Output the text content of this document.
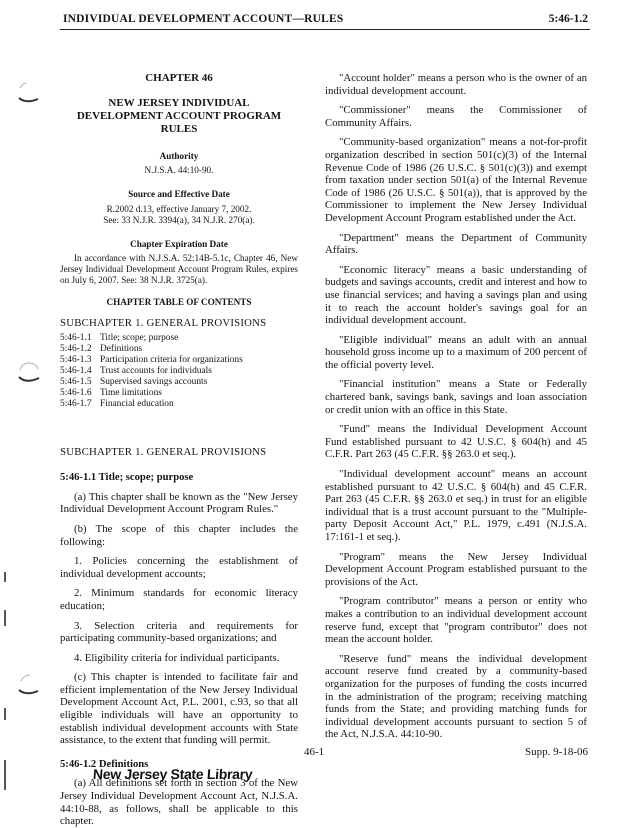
INDIVIDUAL DEVELOPMENT ACCOUNT—RULES	5:46-1.2

CHAPTER 46

NEW JERSEY INDIVIDUAL DEVELOPMENT ACCOUNT PROGRAM RULES

Authority

N.J.S.A. 44:10-90.

Source and Effective Date

R.2002 d.13, effective January 7, 2002.

See: 33 N.J.R. 3394(a), 34 N.J.R. 270(a).

Chapter Expiration Date

In accordance with N.J.S.A. 52:14B-5.1c, Chapter 46, New Jersey Individual Development Account Program Rules, expires on July 6, 2007. See: 38 N.J.R. 3725(a).

CHAPTER TABLE OF CONTENTS

SUBCHAPTER 1. GENERAL PROVISIONS

5:46-1.1 Title; scope; purpose
5:46-1.2 Definitions
5:46-1.3 Participation criteria for organizations
5:46-1.4 Trust accounts for individuals
5:46-1.5 Supervised savings accounts
5:46-1.6 Time limitations
5:46-1.7 Financial education

SUBCHAPTER 1. GENERAL PROVISIONS

5:46-1.1 Title; scope; purpose

(a) This chapter shall be known as the "New Jersey Individual Development Account Program Rules."

(b) The scope of this chapter includes the following:

1. Policies concerning the establishment of individual development accounts;

2. Minimum standards for economic literacy education;

3. Selection criteria and requirements for participating community-based organizations; and

4. Eligibility criteria for individual participants.

(c) This chapter is intended to facilitate fair and efficient implementation of the New Jersey Individual Development Account Act, P.L. 2001, c.93, so that all eligible individuals will have an opportunity to establish individual development accounts with State assistance, to the extent that funding will permit.

5:46-1.2 Definitions

(a) All definitions set forth in section 3 of the New Jersey Individual Development Account Act, N.J.S.A. 44:10-88, as follows, shall be applicable to this chapter.

"Account holder" means a person who is the owner of an individual development account.

"Commissioner" means the Commissioner of Community Affairs.

"Community-based organization" means a not-for-profit organization described in section 501(c)(3) of the Internal Revenue Code of 1986 (26 U.S.C. § 501(c)(3)) and exempt from taxation under section 501(a) of the Internal Revenue Code of 1986 (26 U.S.C. § 501(a)), that is approved by the Commissioner to implement the New Jersey Individual Development Account Program established under the Act.

"Department" means the Department of Community Affairs.

"Economic literacy" means a basic understanding of budgets and savings accounts, credit and interest and how to use financial services; and having a savings plan and using it to reach the account holder's savings goal for an individual development account.

"Eligible individual" means an adult with an annual household gross income up to a maximum of 200 percent of the official poverty level.

"Financial institution" means a State or Federally chartered bank, savings bank, savings and loan association or credit union with an office in this State.

"Fund" means the Individual Development Account Fund established pursuant to 42 U.S.C. § 604(h) and 45 C.F.R. Part 263 (45 C.F.R. §§ 263.0 et seq.).

"Individual development account" means an account established pursuant to 42 U.S.C. § 604(h) and 45 C.F.R. Part 263 (45 C.F.R. §§ 263.0 et seq.) in trust for an eligible individual that is a trust account pursuant to the "Multiple-party Deposit Account Act," P.L. 1979, c.491 (N.J.S.A. 17:161-1 et seq.).

"Program" means the New Jersey Individual Development Account Program established pursuant to the provisions of the Act.

"Program contributor" means a person or entity who makes a contribution to an individual development account reserve fund, except that "program contributor" does not mean the account holder.

"Reserve fund" means the individual development account reserve fund created by a community-based organization for the purposes of funding the costs incurred in the administration of the program; receiving matching funds from the State; and providing matching funds for individual development accounts pursuant to section 5 of the Act, N.J.S.A. 44:10-90.

46-1	Supp. 9-18-06
New Jersey State Library
